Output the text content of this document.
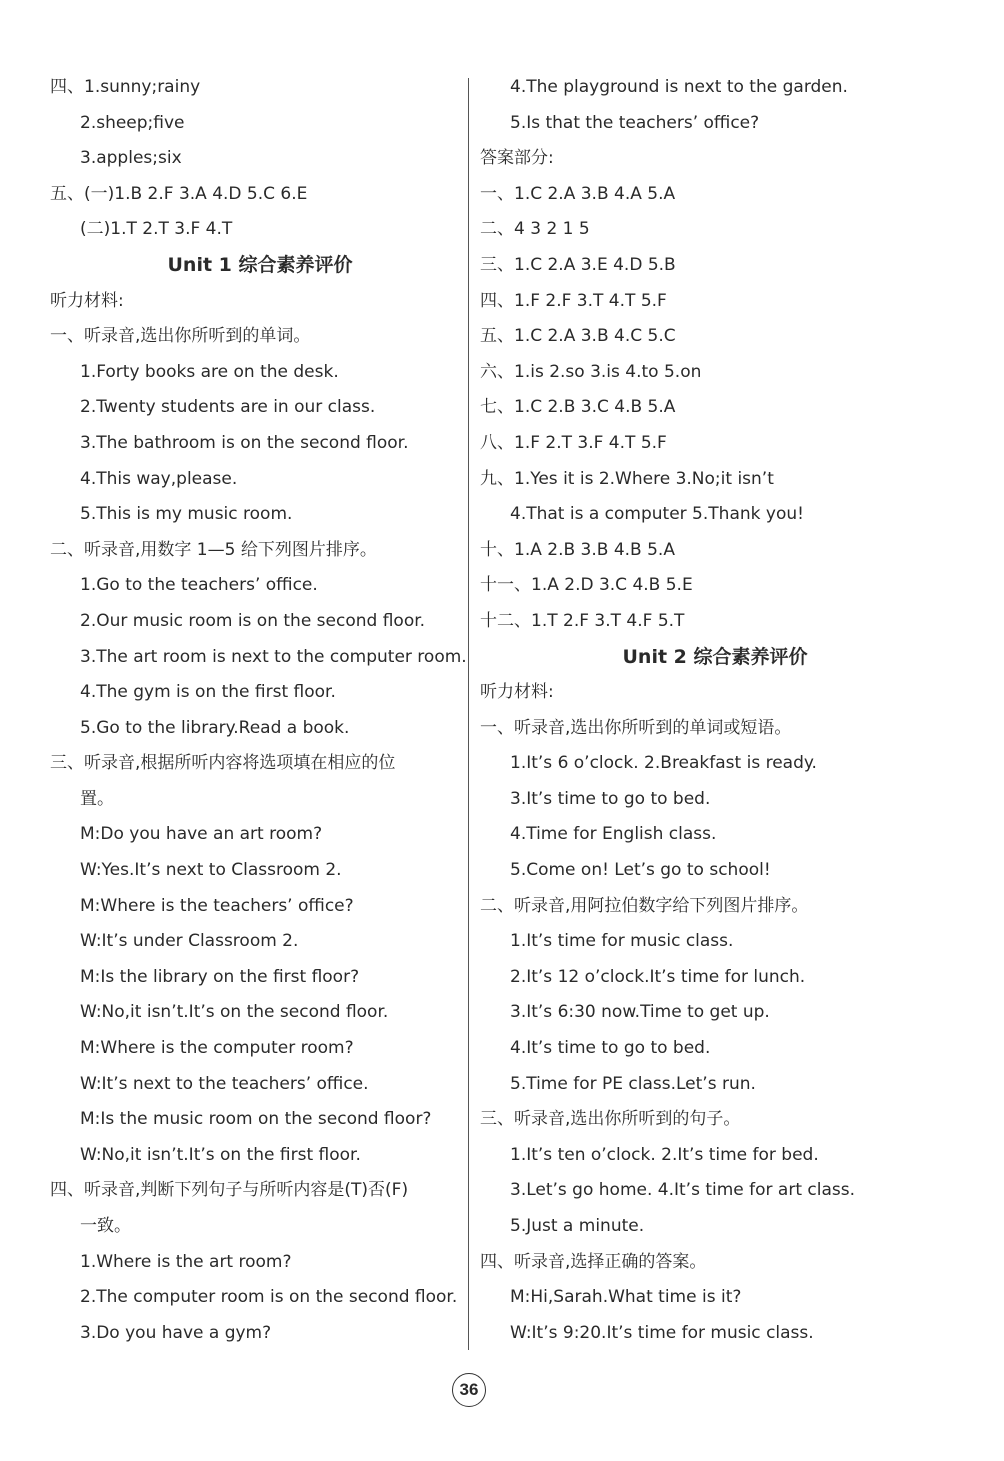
四、1.sunny;rainy
2.sheep;five
3.apples;six
五、(一)1.B 2.F 3.A 4.D 5.C 6.E
(二)1.T 2.T 3.F 4.T
Unit 1 综合素养评价
听力材料:
一、听录音,选出你所听到的单词。
1.Forty books are on the desk.
2.Twenty students are in our class.
3.The bathroom is on the second floor.
4.This way,please.
5.This is my music room.
二、听录音,用数字 1—5 给下列图片排序。
1.Go to the teachers’ office.
2.Our music room is on the second floor.
3.The art room is next to the computer room.
4.The gym is on the first floor.
5.Go to the library.Read a book.
三、听录音,根据所听内容将选项填在相应的位
置。
M:Do you have an art room?
W:Yes.It’s next to Classroom 2.
M:Where is the teachers’ office?
W:It’s under Classroom 2.
M:Is the library on the first floor?
W:No,it isn’t.It’s on the second floor.
M:Where is the computer room?
W:It’s next to the teachers’ office.
M:Is the music room on the second floor?
W:No,it isn’t.It’s on the first floor.
四、听录音,判断下列句子与所听内容是(T)否(F)
一致。
1.Where is the art room?
2.The computer room is on the second floor.
3.Do you have a gym?
4.The playground is next to the garden.
5.Is that the teachers’ office?
答案部分:
一、1.C 2.A 3.B 4.A 5.A
二、4 3 2 1 5
三、1.C 2.A 3.E 4.D 5.B
四、1.F 2.F 3.T 4.T 5.F
五、1.C 2.A 3.B 4.C 5.C
六、1.is 2.so 3.is 4.to 5.on
七、1.C 2.B 3.C 4.B 5.A
八、1.F 2.T 3.F 4.T 5.F
九、1.Yes it is 2.Where 3.No;it isn’t
4.That is a computer 5.Thank you!
十、1.A 2.B 3.B 4.B 5.A
十一、1.A 2.D 3.C 4.B 5.E
十二、1.T 2.F 3.T 4.F 5.T
Unit 2 综合素养评价
听力材料:
一、听录音,选出你所听到的单词或短语。
1.It’s 6 o’clock. 2.Breakfast is ready.
3.It’s time to go to bed.
4.Time for English class.
5.Come on! Let’s go to school!
二、听录音,用阿拉伯数字给下列图片排序。
1.It’s time for music class.
2.It’s 12 o’clock.It’s time for lunch.
3.It’s 6:30 now.Time to get up.
4.It’s time to go to bed.
5.Time for PE class.Let’s run.
三、听录音,选出你所听到的句子。
1.It’s ten o’clock. 2.It’s time for bed.
3.Let’s go home. 4.It’s time for art class.
5.Just a minute.
四、听录音,选择正确的答案。
M:Hi,Sarah.What time is it?
W:It’s 9:20.It’s time for music class.
36
